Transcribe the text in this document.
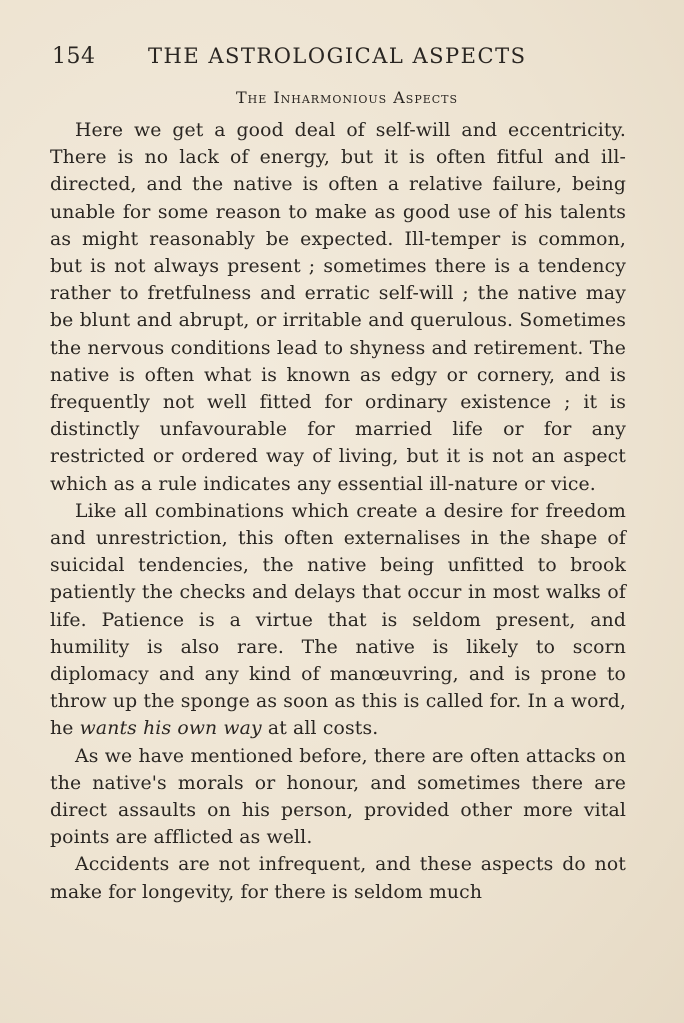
154	THE ASTROLOGICAL ASPECTS
The Inharmonious Aspects

Here we get a good deal of self-will and eccentricity. There is no lack of energy, but it is often fitful and ill-directed, and the native is often a relative failure, being unable for some reason to make as good use of his talents as might reasonably be expected. Ill-temper is common, but is not always present ; sometimes there is a tendency rather to fretfulness and erratic self-will ; the native may be blunt and abrupt, or irritable and querulous. Sometimes the nervous conditions lead to shyness and retirement. The native is often what is known as edgy or cornery, and is frequently not well fitted for ordinary existence ; it is distinctly unfavourable for married life or for any restricted or ordered way of living, but it is not an aspect which as a rule indicates any essential ill-nature or vice.

Like all combinations which create a desire for freedom and unrestriction, this often externalises in the shape of suicidal tendencies, the native being unfitted to brook patiently the checks and delays that occur in most walks of life. Patience is a virtue that is seldom present, and humility is also rare. The native is likely to scorn diplomacy and any kind of manœuvring, and is prone to throw up the sponge as soon as this is called for. In a word, he wants his own way at all costs.

As we have mentioned before, there are often attacks on the native's morals or honour, and sometimes there are direct assaults on his person, provided other more vital points are afflicted as well.

Accidents are not infrequent, and these aspects do not make for longevity, for there is seldom much
